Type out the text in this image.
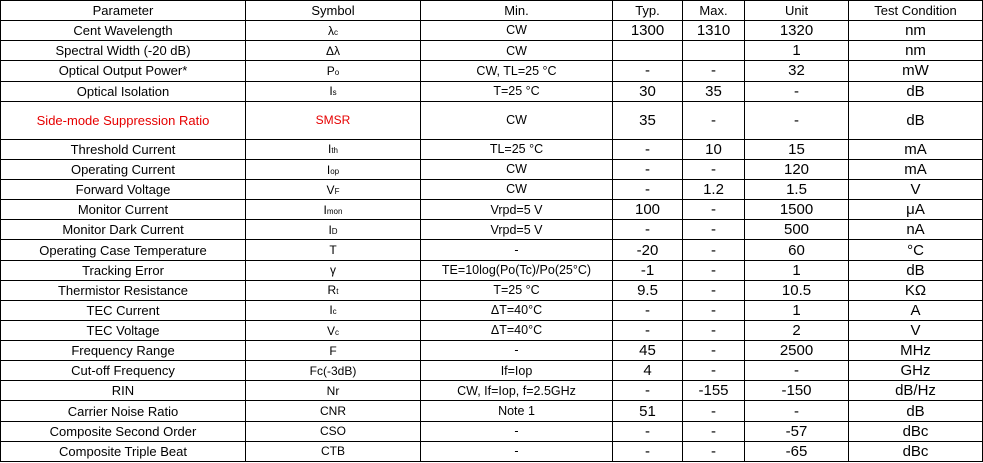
Parameter	Symbol	Min.	Typ.	Max.	Unit	Test Condition
Cent Wavelength	λc	CW	1300	1310	1320	nm
Spectral Width (-20 dB)	Δλ	CW			1	nm
Optical Output Power*	Po	CW, TL=25 °C	-	-	32	mW
Optical Isolation	Is	T=25 °C	30	35	-	dB
Side-mode Suppression Ratio	SMSR	CW	35	-	-	dB
Threshold Current	Ith	TL=25 °C	-	10	15	mA
Operating Current	Iop	CW	-	-	120	mA
Forward Voltage	VF	CW	-	1.2	1.5	V
Monitor Current	Imon	Vrpd=5 V	100	-	1500	μA
Monitor Dark Current	ID	Vrpd=5 V	-	-	500	nA
Operating Case Temperature	T	-	-20	-	60	°C
Tracking Error	γ	TE=10log(Po(Tc)/Po(25°C)	-1	-	1	dB
Thermistor Resistance	Rt	T=25 °C	9.5	-	10.5	KΩ
TEC Current	Ic	ΔT=40°C	-	-	1	A
TEC Voltage	Vc	ΔT=40°C	-	-	2	V
Frequency Range	F	-	45	-	2500	MHz
Cut-off Frequency	Fc(-3dB)	If=Iop	4	-	-	GHz
RIN	Nr	CW, If=Iop, f=2.5GHz	-	-155	-150	dB/Hz
Carrier Noise Ratio	CNR	Note 1	51	-	-	dB
Composite Second Order	CSO	-	-	-	-57	dBc
Composite Triple Beat	CTB	-	-	-	-65	dBc
